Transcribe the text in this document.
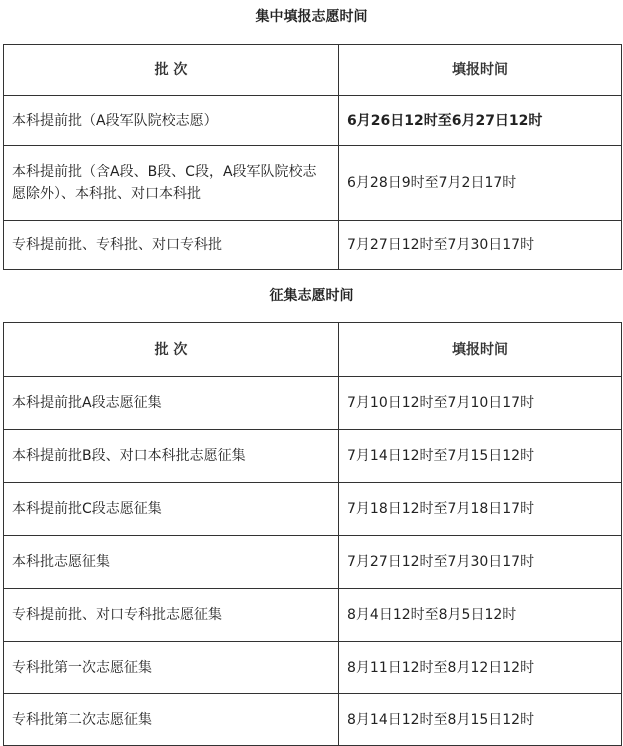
集中填报志愿时间
批 次	填报时间
本科提前批（A段军队院校志愿）	6月26日12时至6月27日12时
本科提前批（含A段、B段、C段，A段军队院校志愿除外）、本科批、对口本科批	6月28日9时至7月2日17时
专科提前批、专科批、对口专科批	7月27日12时至7月30日17时
征集志愿时间
批 次	填报时间
本科提前批A段志愿征集	7月10日12时至7月10日17时
本科提前批B段、对口本科批志愿征集	7月14日12时至7月15日12时
本科提前批C段志愿征集	7月18日12时至7月18日17时
本科批志愿征集	7月27日12时至7月30日17时
专科提前批、对口专科批志愿征集	8月4日12时至8月5日12时
专科批第一次志愿征集	8月11日12时至8月12日12时
专科批第二次志愿征集	8月14日12时至8月15日12时
